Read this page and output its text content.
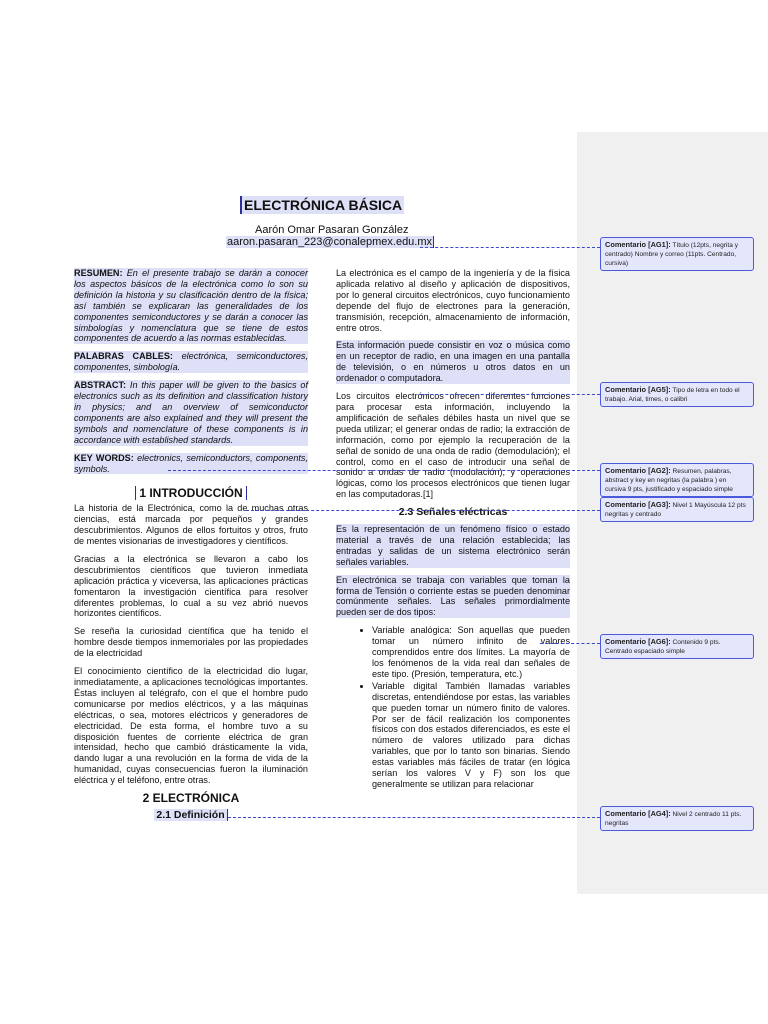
ELECTRÓNICA BÁSICA
Aarón Omar Pasaran González
aaron.pasaran_223@conalepmex.edu.mx

RESUMEN: En el presente trabajo se darán a conocer los aspectos básicos de la electrónica como lo son su definición la historia y su clasificación dentro de la física; así también se explicaran las generalidades de los componentes semiconductores y se darán a conocer las simbologías y nomenclatura que se tiene de estos componentes de acuerdo a las normas establecidas.

PALABRAS CABLES: electrónica, semiconductores, componentes, simbología.

ABSTRACT: In this paper will be given to the basics of electronics such as its definition and classification history in physics; and an overview of semiconductor components are also explained and they will present the symbols and nomenclature of these components is in accordance with established standards.

KEY WORDS: electronics, semiconductors, components, symbols.

1 INTRODUCCIÓN

La historia de la Electrónica, como la de muchas otras ciencias, está marcada por pequeños y grandes descubrimientos. Algunos de ellos fortuitos y otros, fruto de mentes visionarias de investigadores y científicos.

Gracias a la electrónica se llevaron a cabo los descubrimientos científicos que tuvieron inmediata aplicación práctica y viceversa, las aplicaciones prácticas fomentaron la investigación científica para resolver diferentes problemas, lo cual a su vez abrió nuevos horizontes científicos.

Se reseña la curiosidad científica que ha tenido el hombre desde tiempos inmemoriales por las propiedades de la electricidad

El conocimiento científico de la electricidad dio lugar, inmediatamente, a aplicaciones tecnológicas importantes. Éstas incluyen al telégrafo, con el que el hombre pudo comunicarse por medios eléctricos, y a las máquinas eléctricas, o sea, motores eléctricos y generadores de electricidad. De esta forma, el hombre tuvo a su disposición fuentes de corriente eléctrica de gran intensidad, hecho que cambió drásticamente la vida, dando lugar a una revolución en la forma de vida de la humanidad, cuyas consecuencias fueron la iluminación eléctrica y el teléfono, entre otras.

2 ELECTRÓNICA
2.1 Definición

La electrónica es el campo de la ingeniería y de la física aplicada relativo al diseño y aplicación de dispositivos, por lo general circuitos electrónicos, cuyo funcionamiento depende del flujo de electrones para la generación, transmisión, recepción, almacenamiento de información, entre otros.

Esta información puede consistir en voz o música como en un receptor de radio, en una imagen en una pantalla de televisión, o en números u otros datos en un ordenador o computadora.

Los circuitos electrónicos ofrecen diferentes funciones para procesar esta información, incluyendo la amplificación de señales débiles hasta un nivel que se pueda utilizar; el generar ondas de radio; la extracción de información, como por ejemplo la recuperación de la señal de sonido de una onda de radio (demodulación); el control, como en el caso de introducir una señal de sonido a ondas de radio (modulación), y operaciones lógicas, como los procesos electrónicos que tienen lugar en las computadoras.[1]

2.3 Señales eléctricas

Es la representación de un fenómeno físico o estado material a través de una relación establecida; las entradas y salidas de un sistema electrónico serán señales variables.

En electrónica se trabaja con variables que toman la forma de Tensión o corriente estas se pueden denominar comúnmente señales. Las señales primordialmente pueden ser de dos tipos:

• Variable analógica: Son aquellas que pueden tomar un número infinito de valores comprendidos entre dos límites. La mayoría de los fenómenos de la vida real dan señales de este tipo. (Presión, temperatura, etc.)
• Variable digital También llamadas variables discretas, entendiéndose por estas, las variables que pueden tomar un número finito de valores. Por ser de fácil realización los componentes físicos con dos estados diferenciados, es este el número de valores utilizado para dichas variables, que por lo tanto son binarias. Siendo estas variables más fáciles de tratar (en lógica serían los valores V y F) son los que generalmente se utilizan para relacionar
Comentario [AG1]: Título (12pts, negrita y centrado) Nombre y correo (11pts. Centrado, cursiva)
Comentario [AG5]: Tipo de letra en todo el trabajo. Arial, times, o calibri
Comentario [AG2]: Resumen, palabras, abstract y key en negritas (la palabra ) en cursiva 9 pts, justificado y espaciado simple
Comentario [AG3]: Nivel 1 Mayúscula 12 pts negritas y centrado
Comentario [AG6]: Contenido 9 pts. Centrado espaciado simple
Comentario [AG4]: Nivel 2 centrado 11 pts. negritas
